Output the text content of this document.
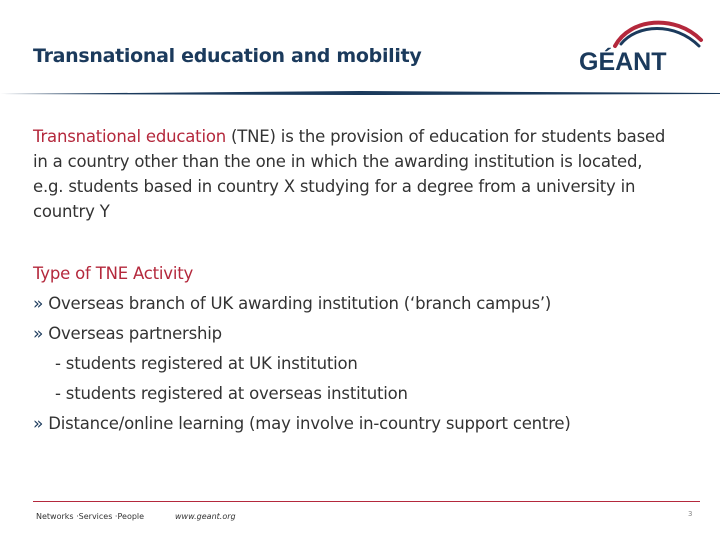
Transnational education and mobility	GÉANT
Transnational education (TNE) is the provision of education for students based in a country other than the one in which the awarding institution is located, e.g. students based in country X studying for a degree from a university in country Y
Type of TNE Activity
» Overseas branch of UK awarding institution (‘branch campus’)
» Overseas partnership
- students registered at UK institution
- students registered at overseas institution
» Distance/online learning (may involve in-country support centre)
Networks ·Services ·People	www.geant.org	3
